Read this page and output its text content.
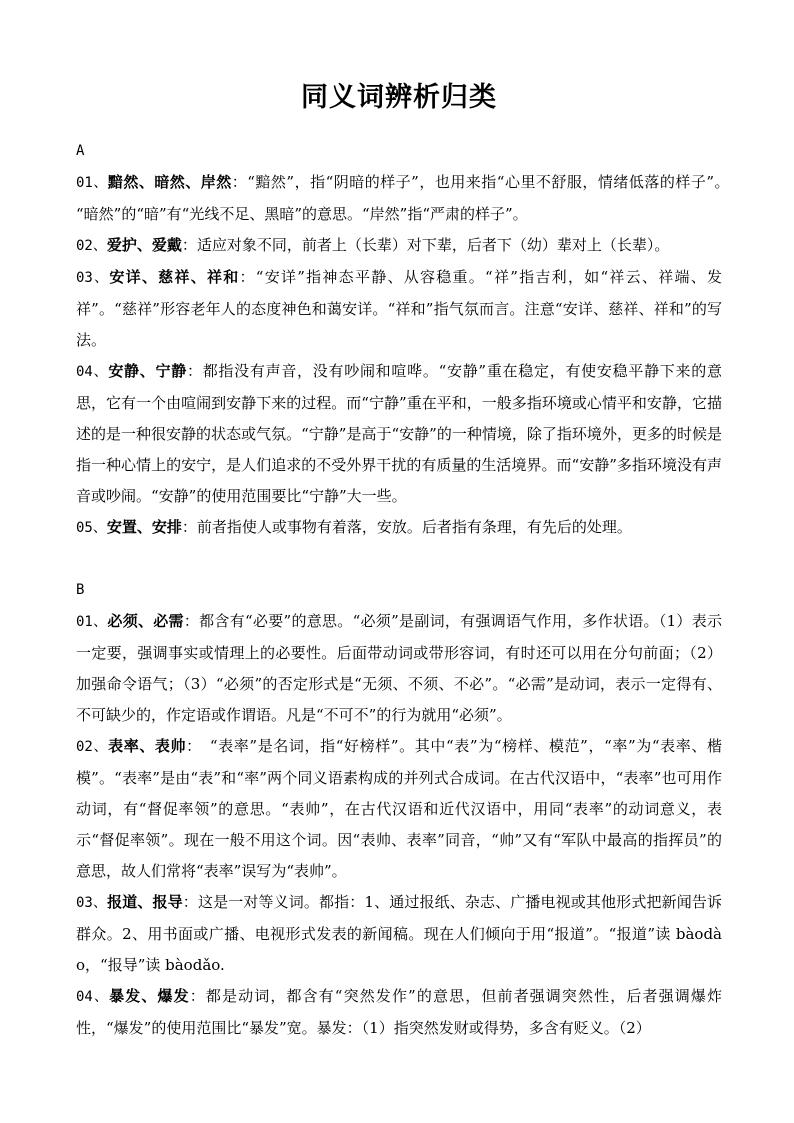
同义词辨析归类
A

01、黯然、暗然、岸然：“黯然”，指“阴暗的样子”，也用来指“心里不舒服，情绪低落的样子”。　“暗然”的“暗”有“光线不足、黑暗”的意思。“岸然”指“严肃的样子”。

02、爱护、爱戴：适应对象不同，前者上（长辈）对下辈，后者下（幼）辈对上（长辈）。

03、安详、慈祥、祥和：“安详”指神态平静、从容稳重。“祥”指吉利，如“祥云、祥端、发祥”。“慈祥”形容老年人的态度神色和蔼安详。“祥和”指气氛而言。注意“安详、慈祥、祥和”的写法。

04、安静、宁静：都指没有声音，没有吵闹和喧哗。“安静”重在稳定，有使安稳平静下来的意思，它有一个由喧闹到安静下来的过程。而“宁静”重在平和，一般多指环境或心情平和安静，它描述的是一种很安静的状态或气氛。“宁静”是高于“安静”的一种情境，除了指环境外，更多的时候是指一种心情上的安宁，是人们追求的不受外界干扰的有质量的生活境界。而“安静”多指环境没有声音或吵闹。“安静”的使用范围要比“宁静”大一些。

05、安置、安排：前者指使人或事物有着落，安放。后者指有条理，有先后的处理。

B

01、必须、必需：都含有“必要”的意思。“必须”是副词，有强调语气作用，多作状语。（1）表示一定要，强调事实或情理上的必要性。后面带动词或带形容词，有时还可以用在分句前面；（2）加强命令语气；（3）“必须”的否定形式是“无须、不须、不必”。“必需”是动词，表示一定得有、不可缺少的，作定语或作谓语。凡是“不可不”的行为就用“必须”。

02、表率、表帅：　“表率”是名词，指“好榜样”。其中“表”为“榜样、模范”，“率”为“表率、楷模”。“表率”是由“表”和“率”两个同义语素构成的并列式合成词。在古代汉语中，“表率”也可用作动词，有“督促率领”的意思。“表帅”，在古代汉语和近代汉语中，用同“表率”的动词意义，表示“督促率领”。现在一般不用这个词。因“表帅、表率”同音，“帅”又有“军队中最高的指挥员”的意思，故人们常将“表率”误写为“表帅”。

03、报道、报导：这是一对等义词。都指：1、通过报纸、杂志、广播电视或其他形式把新闻告诉群众。2、用书面或广播、电视形式发表的新闻稿。现在人们倾向于用“报道”。“报道”读 bàodào，“报导”读 bàodǎo.

04、暴发、爆发：都是动词，都含有“突然发作”的意思，但前者强调突然性，后者强调爆炸性，“爆发”的使用范围比“暴发”宽。暴发：（1）指突然发财或得势，多含有贬义。（2）
